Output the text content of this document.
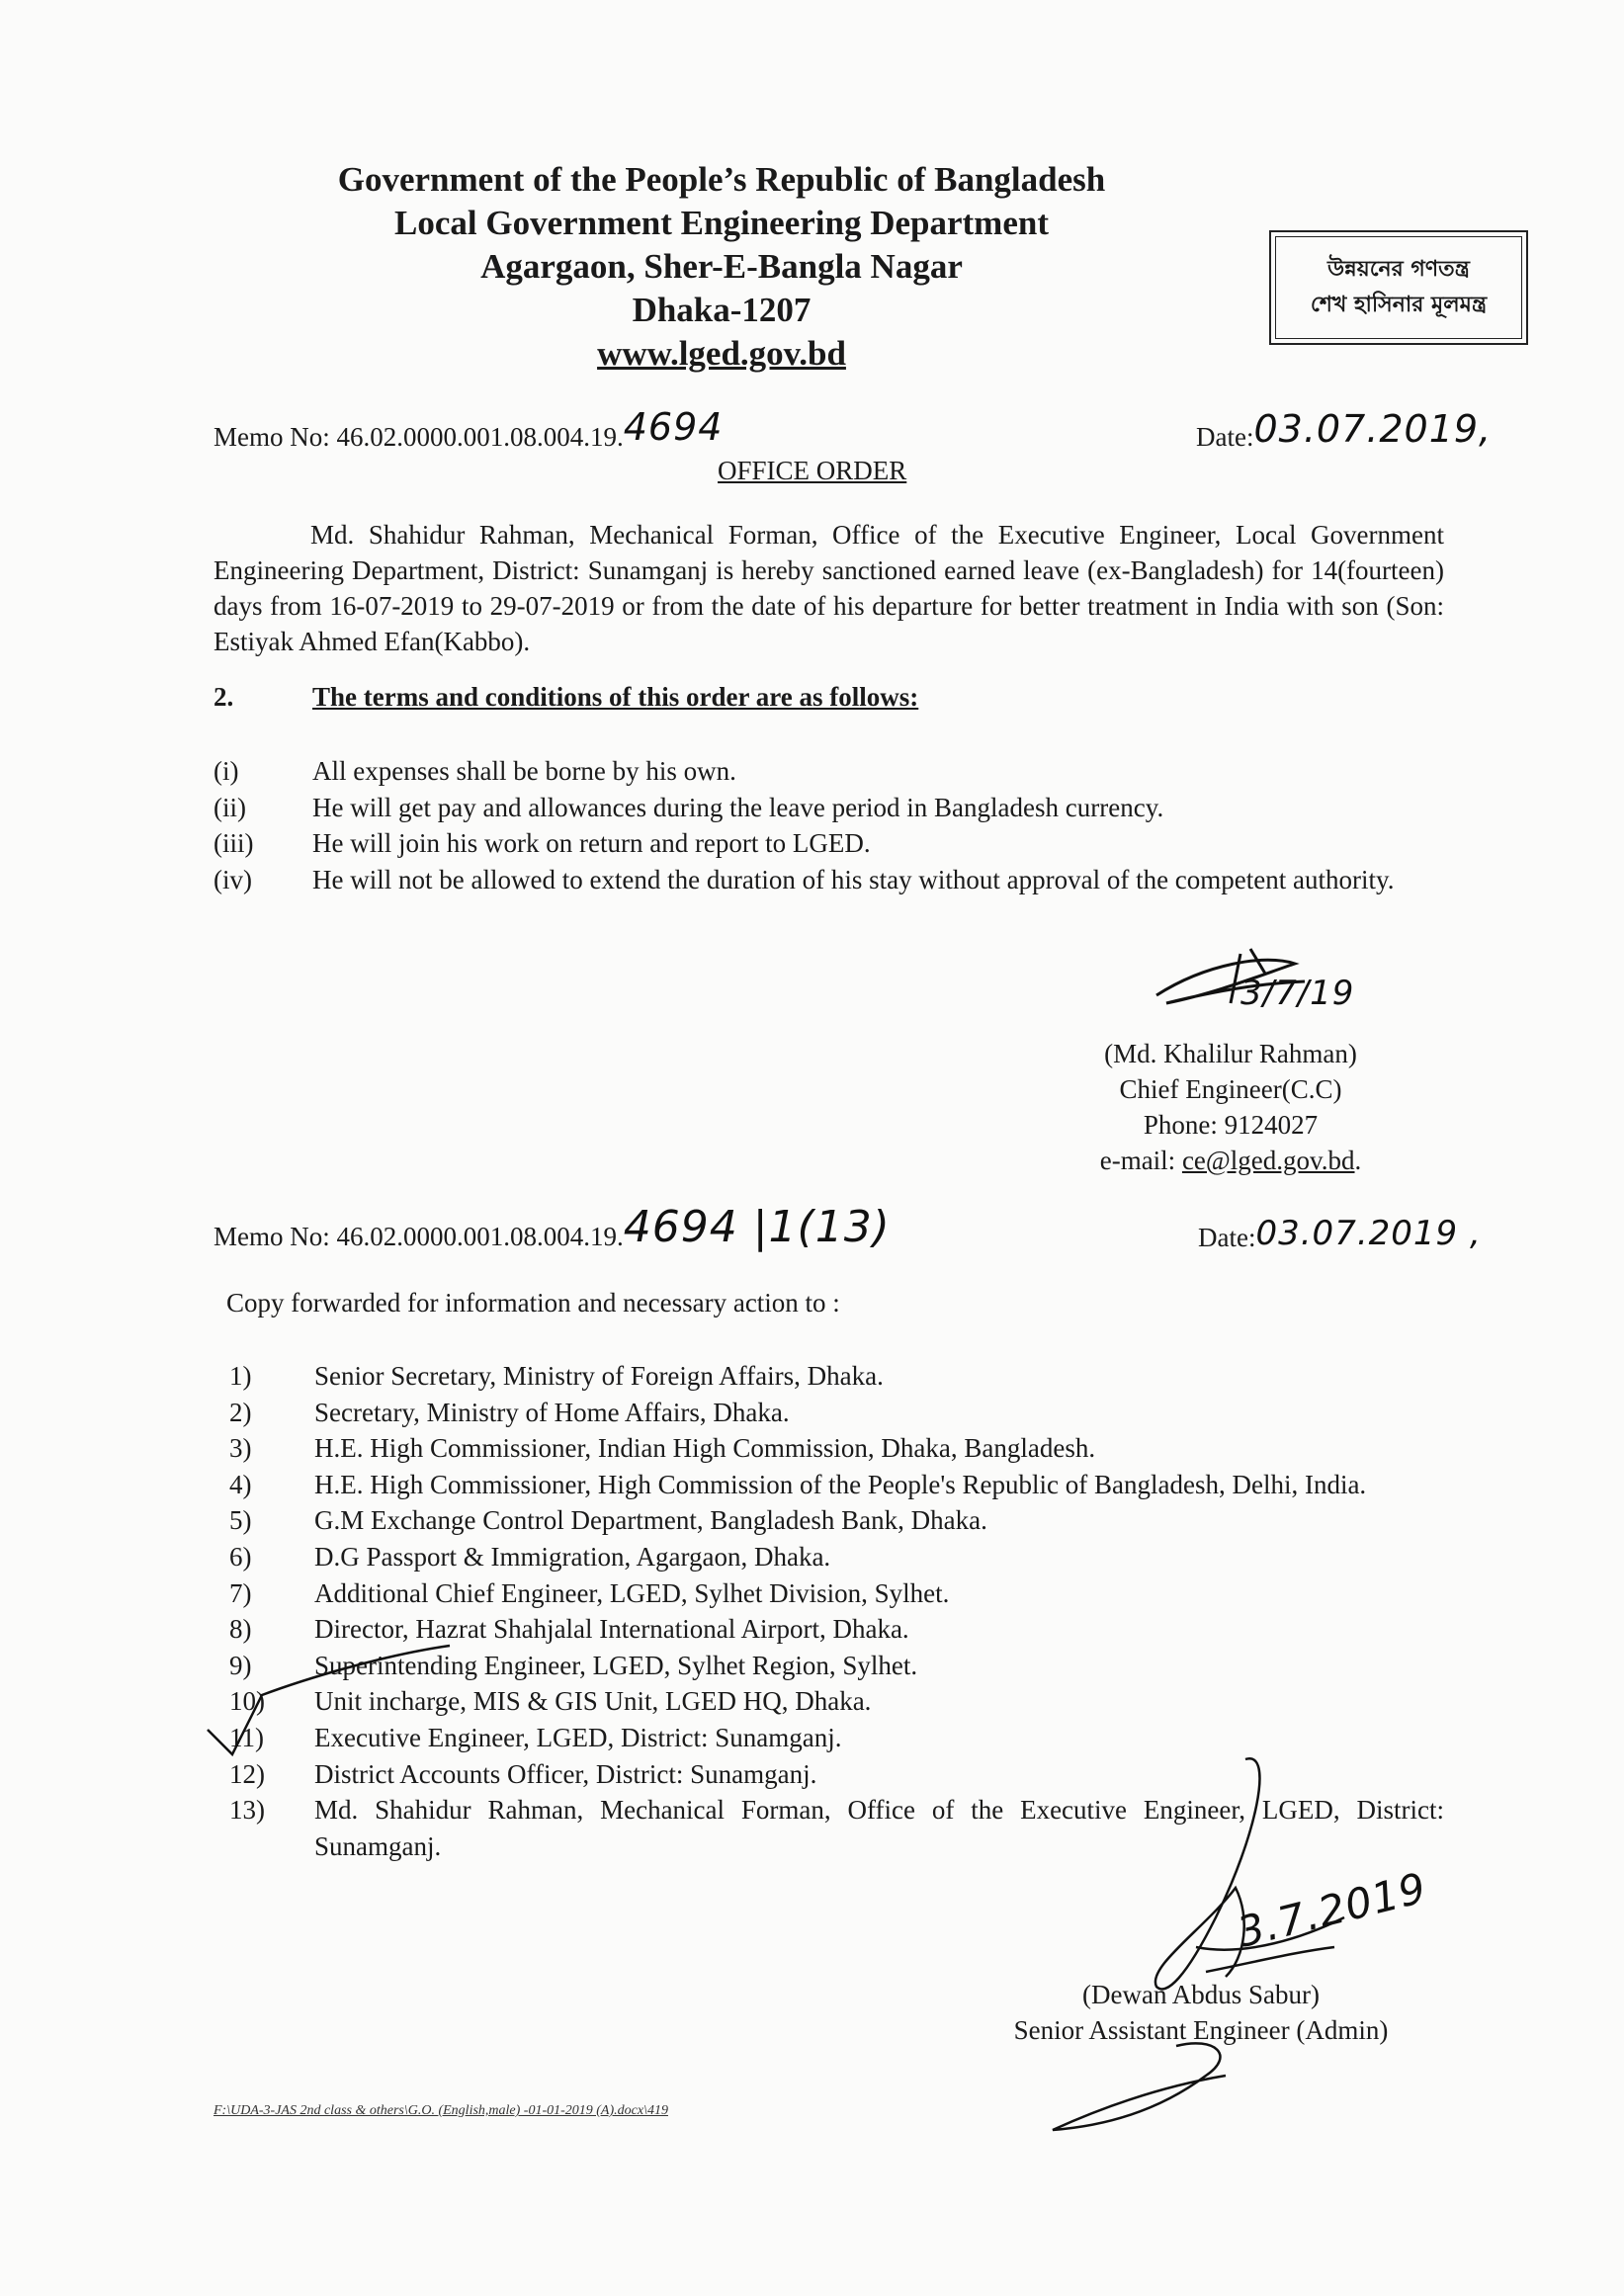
Government of the People’s Republic of Bangladesh
Local Government Engineering Department
Agargaon, Sher-E-Bangla Nagar
Dhaka-1207
www.lged.gov.bd
উন্নয়নের গণতন্ত্র
শেখ হাসিনার মূলমন্ত্র
Memo No: 46.02.0000.001.08.004.19.4694	Date:03.07.2019,
OFFICE ORDER
Md. Shahidur Rahman, Mechanical Forman, Office of the Executive Engineer, Local Government Engineering Department, District: Sunamganj is hereby sanctioned earned leave (ex-Bangladesh) for 14(fourteen) days from 16-07-2019 to 29-07-2019 or from the date of his departure for better treatment in India with son (Son: Estiyak Ahmed Efan(Kabbo).
2.	The terms and conditions of this order are as follows:
(i)	All expenses shall be borne by his own.
(ii) He will get pay and allowances during the leave period in Bangladesh currency.
(iii) He will join his work on return and report to LGED.
(iv) He will not be allowed to extend the duration of his stay without approval of the competent authority.
3/7/19
(Md. Khalilur Rahman)
Chief Engineer(C.C)
Phone: 9124027
e-mail: ce@lged.gov.bd.
Memo No: 46.02.0000.001.08.004.19.4694 |1(13)	Date:03.07.2019 ,
Copy forwarded for information and necessary action to :
1) Senior Secretary, Ministry of Foreign Affairs, Dhaka.
2) Secretary, Ministry of Home Affairs, Dhaka.
3) H.E. High Commissioner, Indian High Commission, Dhaka, Bangladesh.
4) H.E. High Commissioner, High Commission of the People's Republic of Bangladesh, Delhi, India.
5) G.M Exchange Control Department, Bangladesh Bank, Dhaka.
6) D.G Passport & Immigration, Agargaon, Dhaka.
7) Additional Chief Engineer, LGED, Sylhet Division, Sylhet.
8) Director, Hazrat Shahjalal International Airport, Dhaka.
9) Superintending Engineer, LGED, Sylhet Region, Sylhet.
10) Unit incharge, MIS & GIS Unit, LGED HQ, Dhaka.
11) Executive Engineer, LGED, District: Sunamganj.
12) District Accounts Officer, District: Sunamganj.
13) Md. Shahidur Rahman, Mechanical Forman, Office of the Executive Engineer, LGED, District: Sunamganj.
3.7.2019
(Dewan Abdus Sabur)
Senior Assistant Engineer (Admin)
F:\UDA-3-JAS 2nd class & others\G.O. (English,male) -01-01-2019 (A).docx\419
